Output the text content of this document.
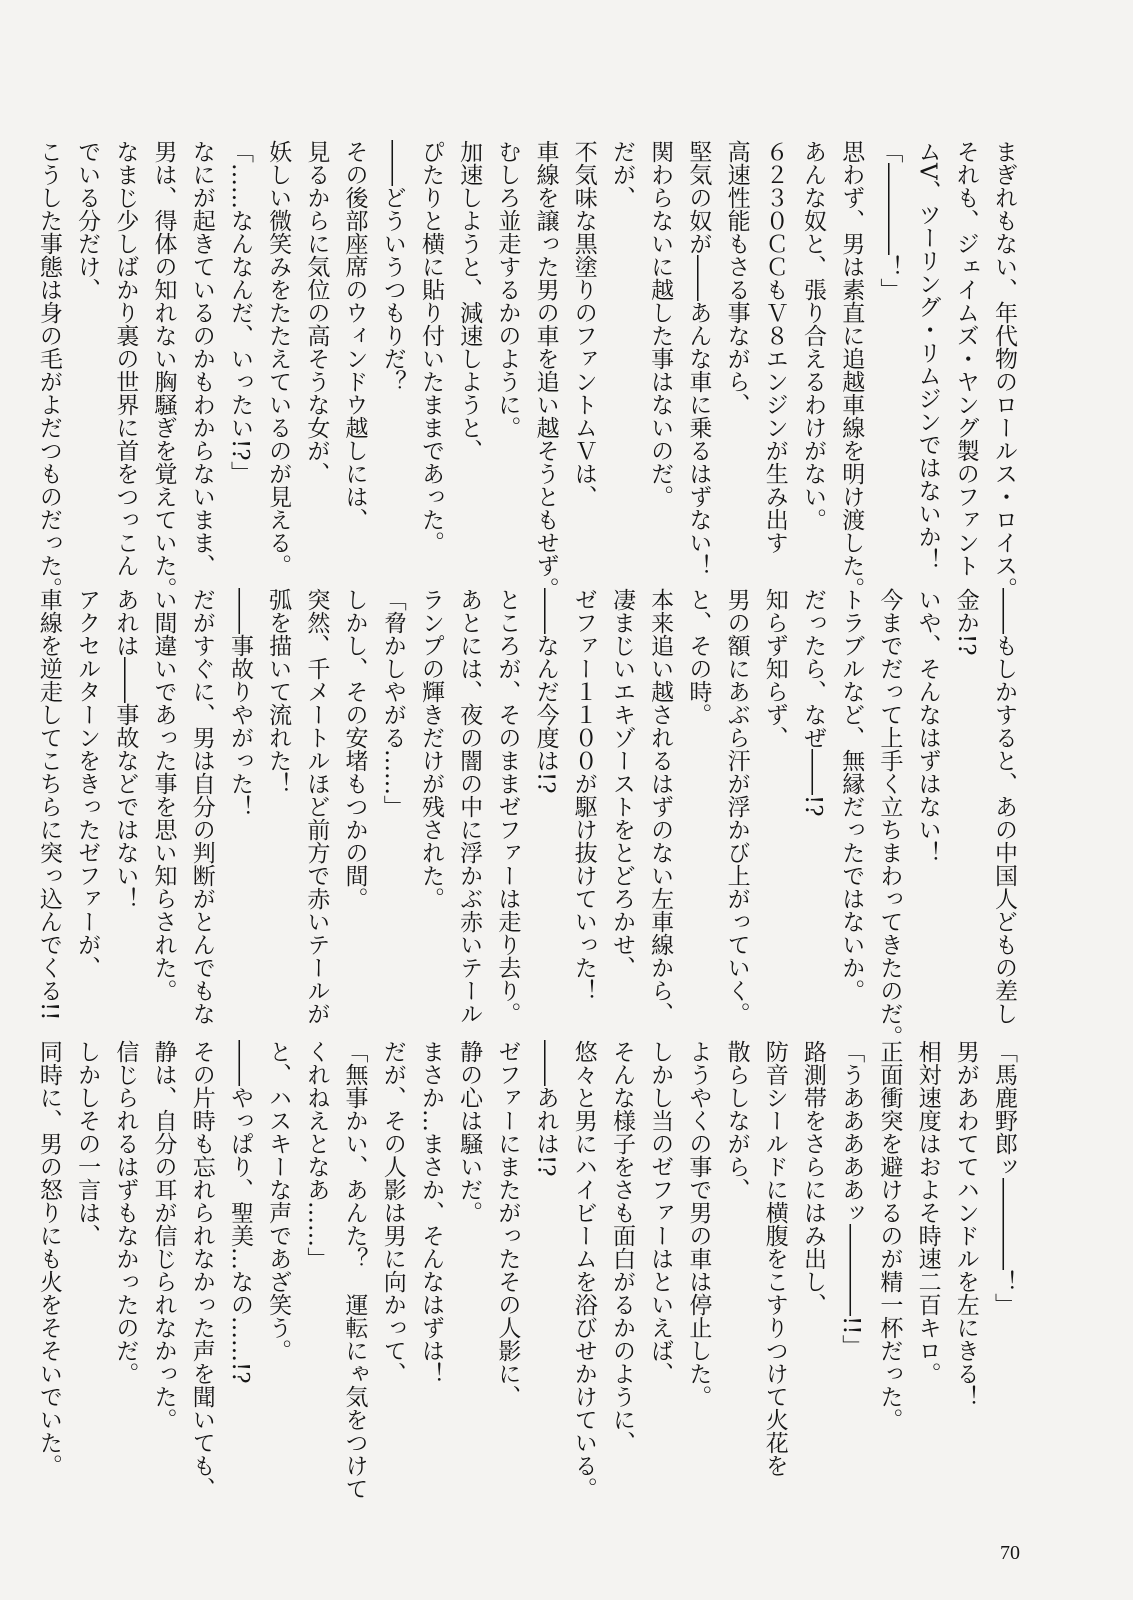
まぎれもない、年代物のロールス・ロイス。
それも、ジェイムズ・ヤング製のファント
ムV、ツーリング・リムジンではないか！
「――――！」
思わず、男は素直に追越車線を明け渡した。
あんな奴と、張り合えるわけがない。
６２３０ＣＣもＶ８エンジンが生み出す
高速性能もさる事ながら、
堅気の奴が――あんな車に乗るはずない！
関わらないに越した事はないのだ。
だが、
不気味な黒塗りのファントムＶは、
車線を譲った男の車を追い越そうともせず。
むしろ並走するかのように。
加速しようと、減速しようと、
ぴたりと横に貼り付いたままであった。
――どういうつもりだ？
その後部座席のウィンドウ越しには、
見るからに気位の高そうな女が、
妖しい微笑みをたたえているのが見える。
「……なんなんだ、いったい!?」
なにが起きているのかもわからないまま、
男は、得体の知れない胸騒ぎを覚えていた。
なまじ少しばかり裏の世界に首をつっこん
でいる分だけ、
こうした事態は身の毛がよだつものだった。
――もしかすると、あの中国人どもの差し
金か!?
いや、そんなはずはない！
今までだって上手く立ちまわってきたのだ。
トラブルなど、無縁だったではないか。
だったら、なぜ――!?
知らず知らず、
男の額にあぶら汗が浮かび上がっていく。
と、その時。
本来追い越されるはずのない左車線から、
凄まじいエキゾーストをとどろかせ、
ゼファー１１００が駆け抜けていった！
――なんだ今度は!?
ところが、そのままゼファーは走り去り。
あとには、夜の闇の中に浮かぶ赤いテール
ランプの輝きだけが残された。
「脅かしやがる……」
しかし、その安堵もつかの間。
突然、千メートルほど前方で赤いテールが
弧を描いて流れた！
――事故りやがった！
だがすぐに、男は自分の判断がとんでもな
い間違いであった事を思い知らされた。
あれは――事故などではない！
アクセルターンをきったゼファーが、
車線を逆走してこちらに突っ込んでくる!!
「馬鹿野郎ッ――――！」
男があわててハンドルを左にきる！
相対速度はおよそ時速二百キロ。
正面衝突を避けるのが精一杯だった。
「うあああああッ――――!!」
路測帯をさらにはみ出し、
防音シールドに横腹をこすりつけて火花を
散らしながら、
ようやくの事で男の車は停止した。
しかし当のゼファーはといえば、
そんな様子をさも面白がるかのように、
悠々と男にハイビームを浴びせかけている。
――あれは!?
ゼファーにまたがったその人影に、
静の心は騒いだ。
まさか…まさか、そんなはずは！
だが、その人影は男に向かって、
「無事かい、あんた？　運転にゃ気をつけて
くれねえとなあ……」
と、ハスキーな声であざ笑う。
――やっぱり、聖美…なの……!?
その片時も忘れられなかった声を聞いても、
静は、自分の耳が信じられなかった。
信じられるはずもなかったのだ。
しかしその一言は、
同時に、男の怒りにも火をそそいでいた。
70
